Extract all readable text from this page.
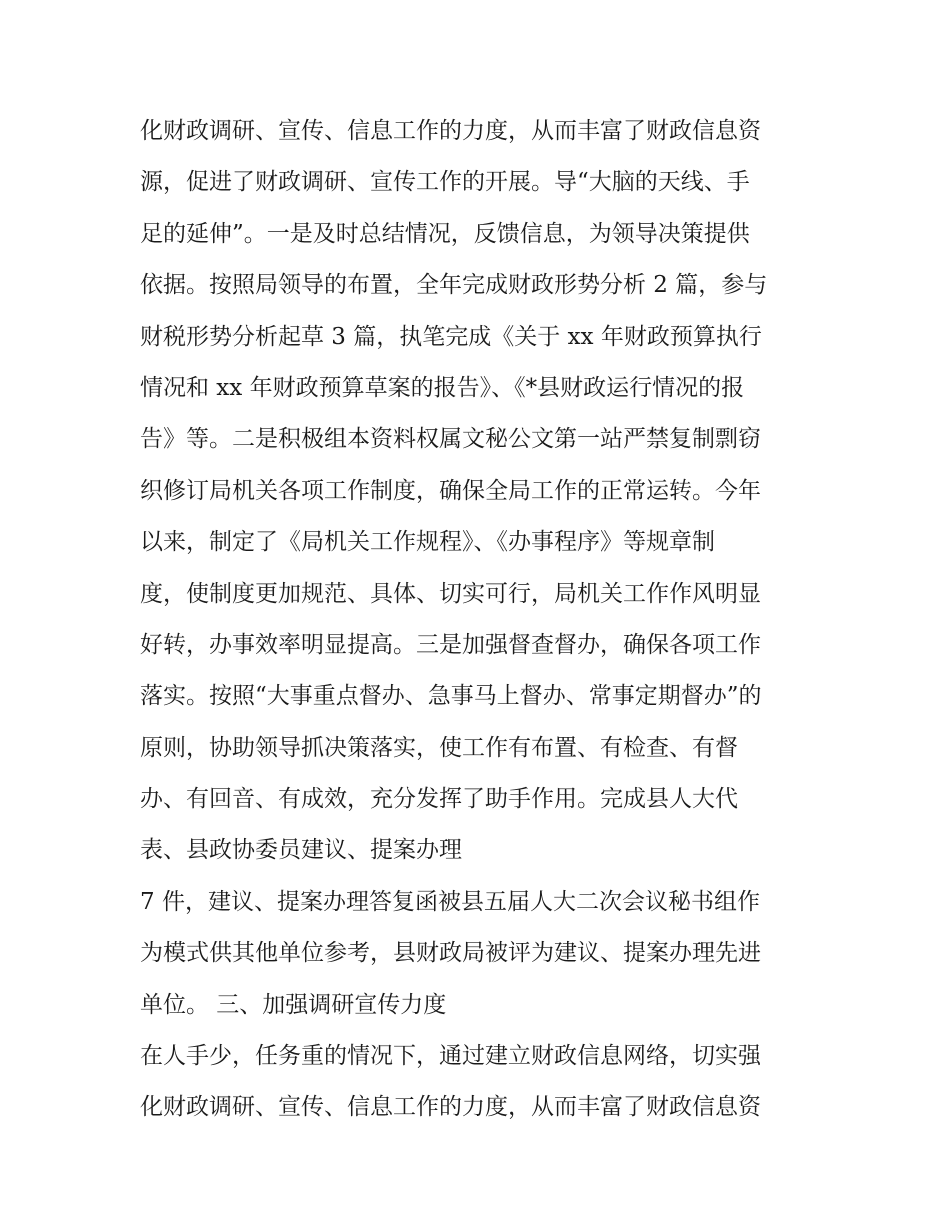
化财政调研、宣传、信息工作的力度，从而丰富了财政信息资
源，促进了财政调研、宣传工作的开展。导“大脑的天线、手
足的延伸”。一是及时总结情况，反馈信息，为领导决策提供
依据。按照局领导的布置，全年完成财政形势分析 2 篇，参与
财税形势分析起草 3 篇，执笔完成《关于 xx 年财政预算执行
情况和 xx 年财政预算草案的报告》、《*县财政运行情况的报
告》等。二是积极组本资料权属文秘公文第一站严禁复制剽窃
织修订局机关各项工作制度，确保全局工作的正常运转。今年
以来，制定了《局机关工作规程》、《办事程序》等规章制
度，使制度更加规范、具体、切实可行，局机关工作作风明显
好转，办事效率明显提高。三是加强督查督办，确保各项工作
落实。按照“大事重点督办、急事马上督办、常事定期督办”的
原则，协助领导抓决策落实，使工作有布置、有检查、有督
办、有回音、有成效，充分发挥了助手作用。完成县人大代
表、县政协委员建议、提案办理
7 件，建议、提案办理答复函被县五届人大二次会议秘书组作
为模式供其他单位参考，县财政局被评为建议、提案办理先进
单位。 三、加强调研宣传力度
在人手少，任务重的情况下，通过建立财政信息网络，切实强
化财政调研、宣传、信息工作的力度，从而丰富了财政信息资
